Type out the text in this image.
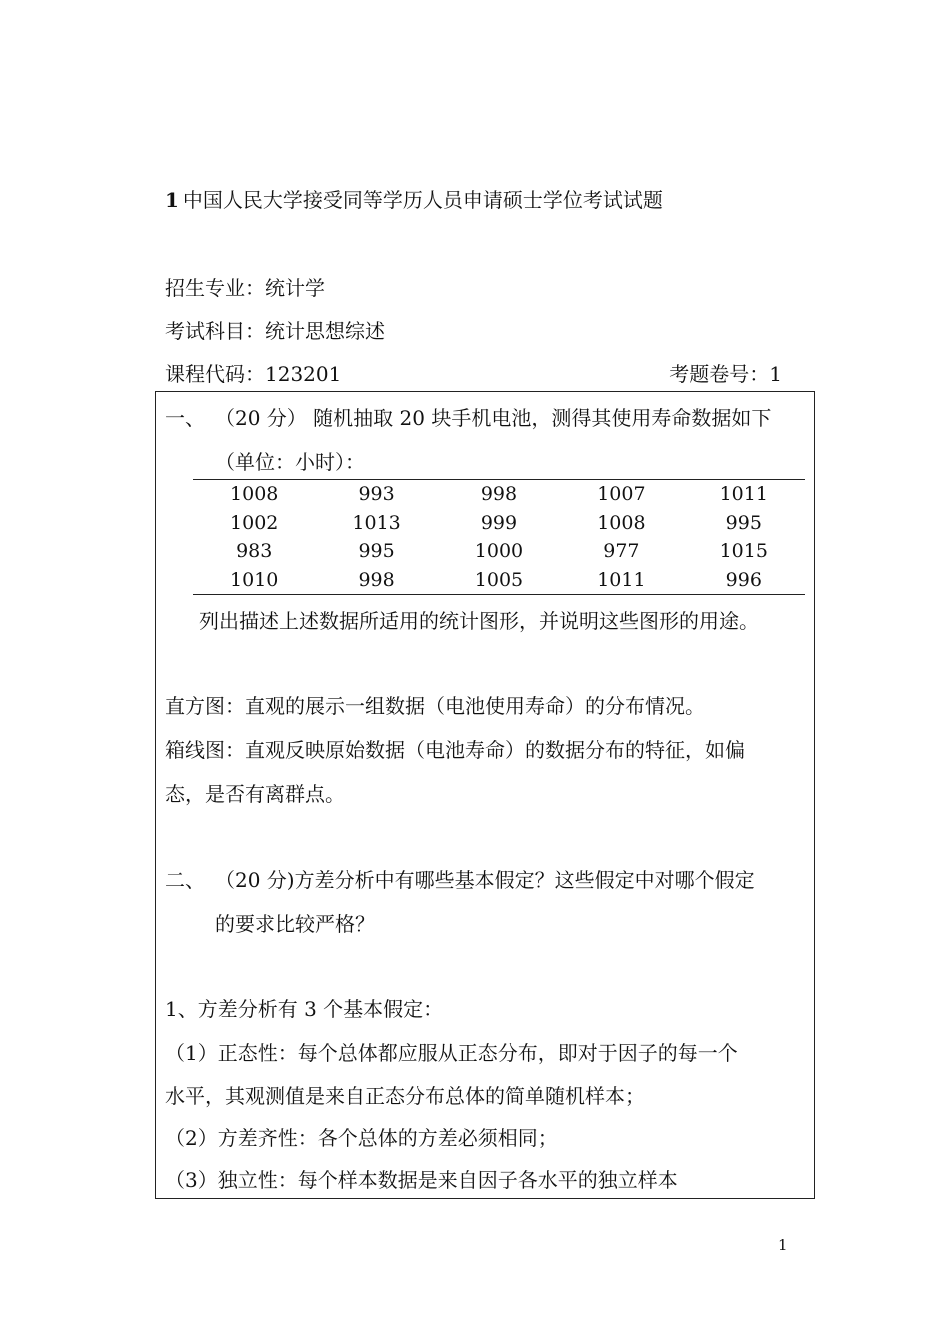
1 中国人民大学接受同等学历人员申请硕士学位考试试题
招生专业：统计学
考试科目：统计思想综述
课程代码：123201	考题卷号：1
一、 （20 分） 随机抽取 20 块手机电池，测得其使用寿命数据如下
（单位：小时）：
1008	993	998	1007	1011
1002	1013	999	1008	995
983	995	1000	977	1015
1010	998	1005	1011	996
列出描述上述数据所适用的统计图形，并说明这些图形的用途。
直方图：直观的展示一组数据（电池使用寿命）的分布情况。
箱线图：直观反映原始数据（电池寿命）的数据分布的特征，如偏
态，是否有离群点。
二、 （20 分)方差分析中有哪些基本假定？这些假定中对哪个假定
的要求比较严格？
1、方差分析有 3 个基本假定：
（1）正态性：每个总体都应服从正态分布，即对于因子的每一个
水平，其观测值是来自正态分布总体的简单随机样本；
（2）方差齐性：各个总体的方差必须相同；
（3）独立性：每个样本数据是来自因子各水平的独立样本
1
